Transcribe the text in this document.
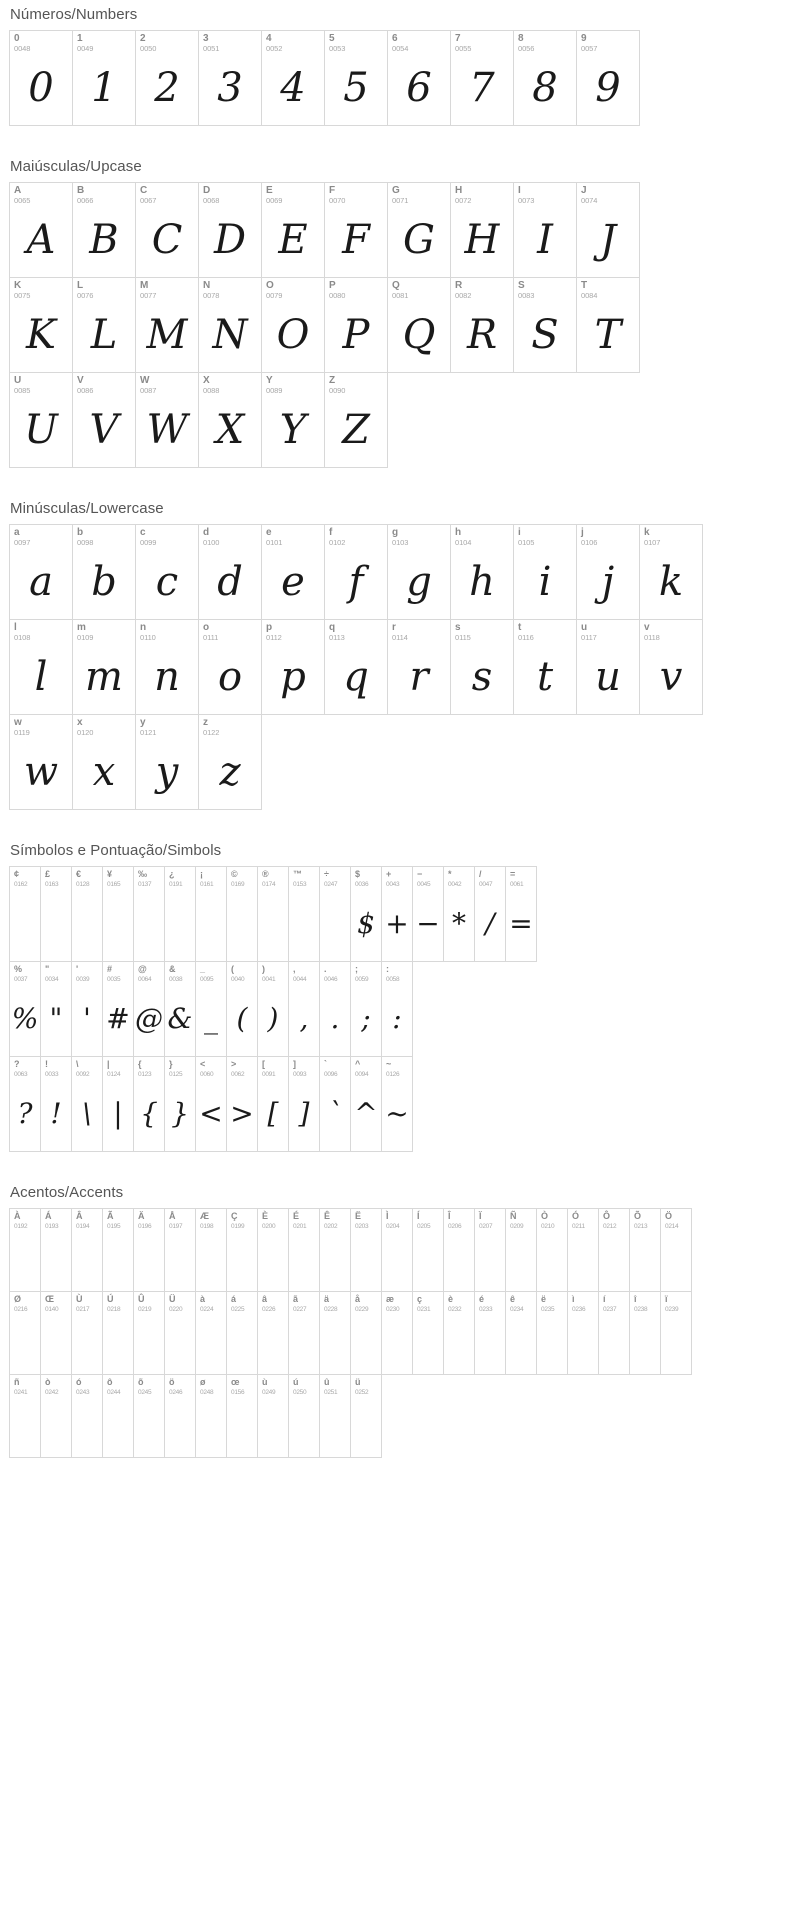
Números/Numbers
0
0048
0
1
0049
1
2
0050
2
3
0051
3
4
0052
4
5
0053
5
6
0054
6
7
0055
7
8
0056
8
9
0057
9
Maiúsculas/Upcase
A
0065
A
B
0066
B
C
0067
C
D
0068
D
E
0069
E
F
0070
F
G
0071
G
H
0072
H
I
0073
I
J
0074
J
K
0075
K
L
0076
L
M
0077
M
N
0078
N
O
0079
O
P
0080
P
Q
0081
Q
R
0082
R
S
0083
S
T
0084
T
U
0085
U
V
0086
V
W
0087
W
X
0088
X
Y
0089
Y
Z
0090
Z
Minúsculas/Lowercase
a
0097
a
b
0098
b
c
0099
c
d
0100
d
e
0101
e
f
0102
f
g
0103
g
h
0104
h
i
0105
i
j
0106
j
k
0107
k
l
0108
l
m
0109
m
n
0110
n
o
0111
o
p
0112
p
q
0113
q
r
0114
r
s
0115
s
t
0116
t
u
0117
u
v
0118
v
w
0119
w
x
0120
x
y
0121
y
z
0122
z
Símbolos e Pontuação/Simbols
¢
0162
£
0163
€
0128
¥
0165
‰
0137
¿
0191
¡
0161
©
0169
®
0174
™
0153
÷
0247
$
0036
$
+
0043
+
−
0045
−
*
0042
*
/
0047
/
=
0061
=
%
0037
%
"
0034
"
'
0039
'
#
0035
#
@
0064
@
&
0038
&
_
0095
_
(
0040
(
)
0041
)
,
0044
,
.
0046
.
;
0059
;
:
0058
:
?
0063
?
!
0033
!
\
0092
\
|
0124
|
{
0123
{
}
0125
}
<
0060
<
>
0062
>
[
0091
[
]
0093
]
`
0096
`
^
0094
^
~
0126
~
Acentos/Accents
À
0192
Á
0193
Â
0194
Ã
0195
Ä
0196
Å
0197
Æ
0198
Ç
0199
È
0200
É
0201
Ê
0202
Ë
0203
Ì
0204
Í
0205
Î
0206
Ï
0207
Ñ
0209
Ò
0210
Ó
0211
Ô
0212
Õ
0213
Ö
0214
Ø
0216
Œ
0140
Ù
0217
Ú
0218
Û
0219
Ü
0220
à
0224
á
0225
â
0226
ã
0227
ä
0228
å
0229
æ
0230
ç
0231
è
0232
é
0233
ê
0234
ë
0235
ì
0236
í
0237
î
0238
ï
0239
ñ
0241
ò
0242
ó
0243
ô
0244
õ
0245
ö
0246
ø
0248
œ
0156
ù
0249
ú
0250
û
0251
ü
0252
